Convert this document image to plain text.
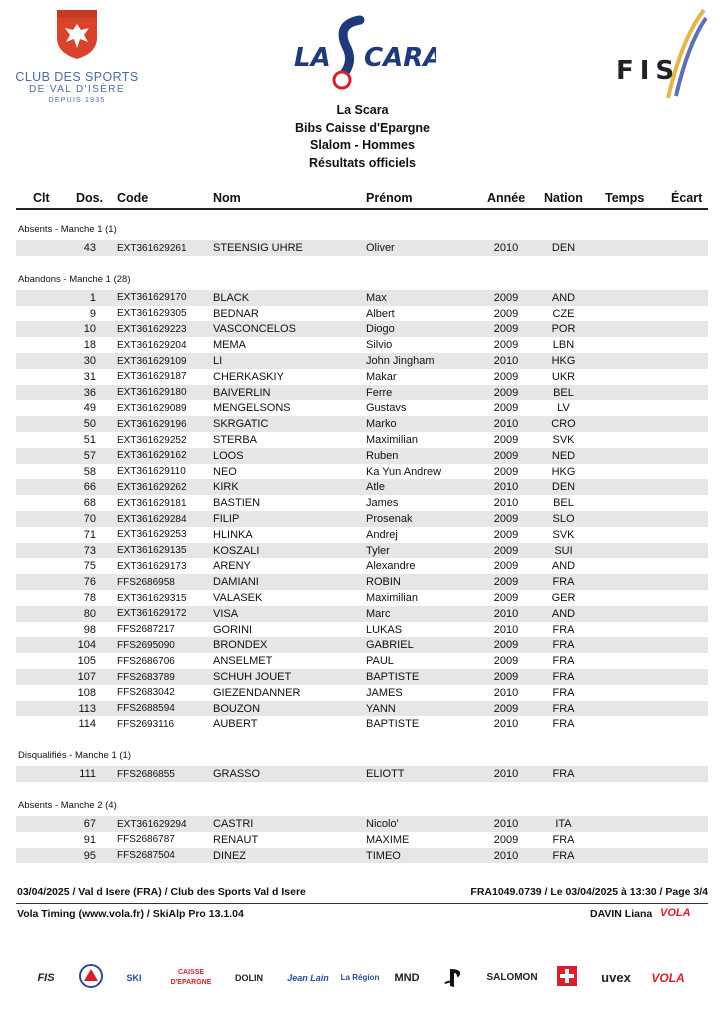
CLUB DES SPORTS
DE VAL D'ISÈRE
DEPUIS 1935
LA CARA	FIS
La Scara
Bibs Caisse d'Epargne
Slalom - Hommes
Résultats officiels
Clt Dos. Code	Nom	Prénom	Année Nation Temps Écart
Absents - Manche 1 (1)
43 EXT361629261 STEENSIG UHRE	Oliver	2010	DEN
Abandons - Manche 1 (28)
1 EXT361629170 BLACK	Max	2009	AND
9 EXT361629305 BEDNAR	Albert	2009	CZE
10 EXT361629223 VASCONCELOS	Diogo	2009	POR
18 EXT361629204 MEMA	Silvio	2009	LBN
30 EXT361629109 LI	John Jingham	2010	HKG
31 EXT361629187 CHERKASKIY	Makar	2009	UKR
36 EXT361629180 BAIVERLIN	Ferre	2009	BEL
49 EXT361629089 MENGELSONS	Gustavs	2009	LV
50 EXT361629196 SKRGATIC	Marko	2010	CRO
51 EXT361629252 STERBA	Maximilian	2009	SVK
57 EXT361629162 LOOS	Ruben	2009	NED
58 EXT361629110 NEO	Ka Yun Andrew	2009	HKG
66 EXT361629262 KIRK	Atle	2010	DEN
68 EXT361629181 BASTIEN	James	2010	BEL
70 EXT361629284 FILIP	Prosenak	2009	SLO
71 EXT361629253 HLINKA	Andrej	2009	SVK
73 EXT361629135 KOSZALI	Tyler	2009	SUI
75 EXT361629173 ARENY	Alexandre	2009	AND
76 FFS2686958	DAMIANI	ROBIN	2009	FRA
78 EXT361629315 VALASEK	Maximilian	2009	GER
80 EXT361629172 VISA	Marc	2010	AND
98 FFS2687217	GORINI	LUKAS	2010	FRA
104 FFS2695090	BRONDEX	GABRIEL	2009	FRA
105 FFS2686706	ANSELMET	PAUL	2009	FRA
107 FFS2683789	SCHUH JOUET	BAPTISTE	2009	FRA
108 FFS2683042	GIEZENDANNER	JAMES	2010	FRA
113 FFS2688594	BOUZON	YANN	2009	FRA
114 FFS2693116	AUBERT	BAPTISTE	2010	FRA
Disqualifiés - Manche 1 (1)
111 FFS2686855	GRASSO	ELIOTT	2010	FRA
Absents - Manche 2 (4)
67 EXT361629294 CASTRI	Nicolo'	2010	ITA
91 FFS2686787	RENAUT	MAXIME	2009	FRA
95 FFS2687504	DINEZ	TIMEO	2010	FRA
03/04/2025 / Val d Isere (FRA) / Club des Sports Val d Isere	FRA1049.0739 / Le 03/04/2025 à 13:30 / Page 3/4
Vola Timing (www.vola.fr) / SkiAlp Pro 13.1.04	DAVIN Liana VOLA
FIS	SKI
CAISSE D'EPARGNE	DOLIN	Jean Lain	La Région MND	SALOMON	uvex	VOLA
